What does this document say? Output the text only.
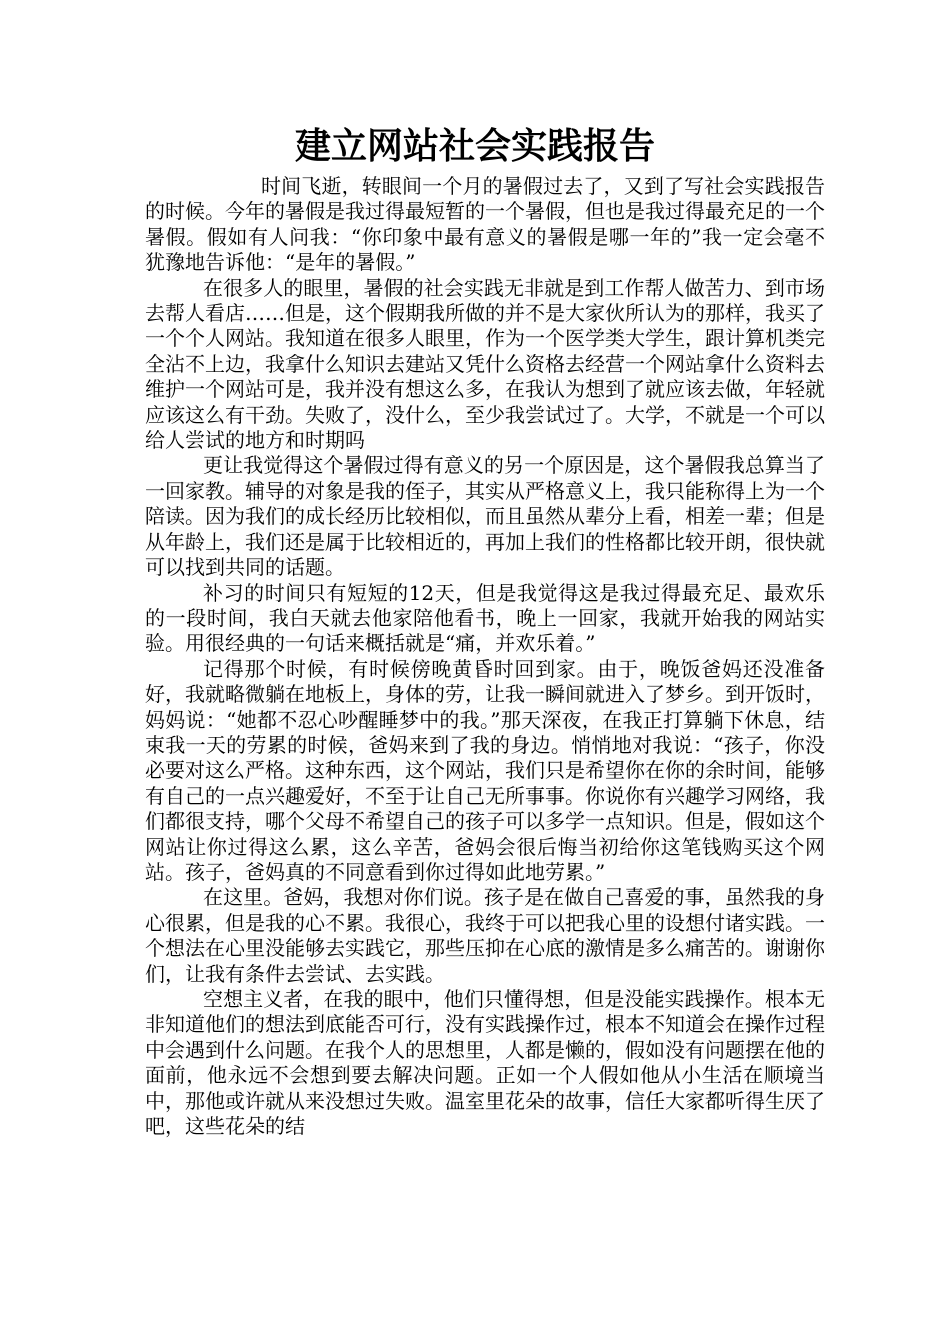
建立网站社会实践报告

时间飞逝，转眼间一个月的暑假过去了，又到了写社会实践报告的时候。今年的暑假是我过得最短暂的一个暑假，但也是我过得最充足的一个暑假。假如有人问我：“你印象中最有意义的暑假是哪一年的”我一定会毫不犹豫地告诉他：“是年的暑假。”

在很多人的眼里，暑假的社会实践无非就是到工作帮人做苦力、到市场去帮人看店……但是，这个假期我所做的并不是大家伙所认为的那样，我买了一个个人网站。我知道在很多人眼里，作为一个医学类大学生，跟计算机类完全沾不上边，我拿什么知识去建站又凭什么资格去经营一个网站拿什么资料去维护一个网站可是，我并没有想这么多，在我认为想到了就应该去做，年轻就应该这么有干劲。失败了，没什么，至少我尝试过了。大学，不就是一个可以给人尝试的地方和时期吗

更让我觉得这个暑假过得有意义的另一个原因是，这个暑假我总算当了一回家教。辅导的对象是我的侄子，其实从严格意义上，我只能称得上为一个陪读。因为我们的成长经历比较相似，而且虽然从辈分上看，相差一辈；但是从年龄上，我们还是属于比较相近的，再加上我们的性格都比较开朗，很快就可以找到共同的话题。

补习的时间只有短短的12天，但是我觉得这是我过得最充足、最欢乐的一段时间，我白天就去他家陪他看书，晚上一回家，我就开始我的网站实验。用很经典的一句话来概括就是“痛，并欢乐着。”

记得那个时候，有时候傍晚黄昏时回到家。由于，晚饭爸妈还没准备好，我就略微躺在地板上，身体的劳，让我一瞬间就进入了梦乡。到开饭时，妈妈说：“她都不忍心吵醒睡梦中的我。”那天深夜，在我正打算躺下休息，结束我一天的劳累的时候，爸妈来到了我的身边。悄悄地对我说：“孩子，你没必要对这么严格。这种东西，这个网站，我们只是希望你在你的余时间，能够有自己的一点兴趣爱好，不至于让自己无所事事。你说你有兴趣学习网络，我们都很支持，哪个父母不希望自己的孩子可以多学一点知识。但是，假如这个网站让你过得这么累，这么辛苦，爸妈会很后悔当初给你这笔钱购买这个网站。孩子，爸妈真的不同意看到你过得如此地劳累。”

在这里。爸妈，我想对你们说。孩子是在做自己喜爱的事，虽然我的身心很累，但是我的心不累。我很心，我终于可以把我心里的设想付诸实践。一个想法在心里没能够去实践它，那些压抑在心底的激情是多么痛苦的。谢谢你们，让我有条件去尝试、去实践。

空想主义者，在我的眼中，他们只懂得想，但是没能实践操作。根本无非知道他们的想法到底能否可行，没有实践操作过，根本不知道会在操作过程中会遇到什么问题。在我个人的思想里，人都是懒的，假如没有问题摆在他的面前，他永远不会想到要去解决问题。正如一个人假如他从小生活在顺境当中，那他或许就从来没想过失败。温室里花朵的故事，信任大家都听得生厌了吧，这些花朵的结
